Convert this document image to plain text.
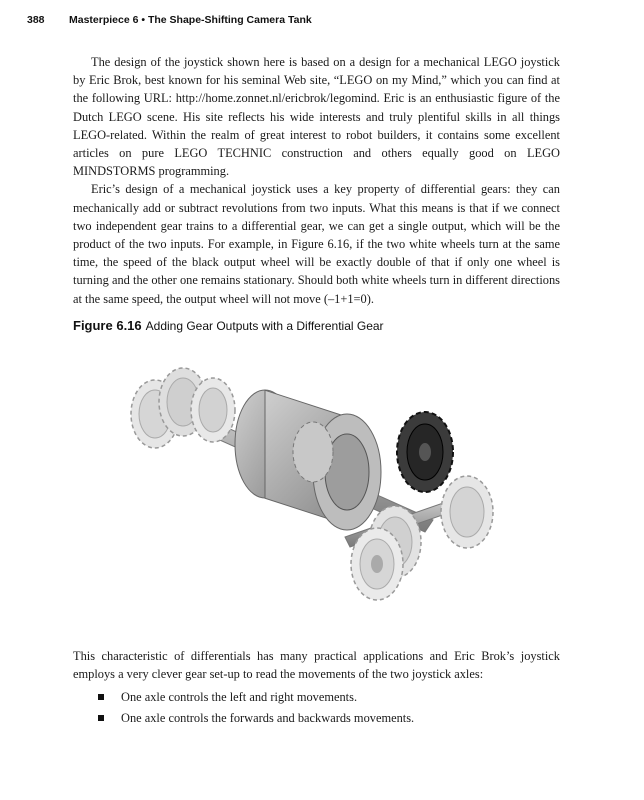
388 Masterpiece 6 • The Shape-Shifting Camera Tank

The design of the joystick shown here is based on a design for a mechanical LEGO joystick by Eric Brok, best known for his seminal Web site, “LEGO on my Mind,” which you can find at the following URL: http://home.zonnet.nl/ericbrok/legomind. Eric is an enthusiastic figure of the Dutch LEGO scene. His site reflects his wide interests and truly plentiful skills in all things LEGO-related. Within the realm of great interest to robot builders, it contains some excellent articles on pure LEGO TECHNIC construction and others equally good on LEGO MINDSTORMS programming.

Eric’s design of a mechanical joystick uses a key property of differential gears: they can mechanically add or subtract revolutions from two inputs. What this means is that if we connect two independent gear trains to a differential gear, we can get a single output, which will be the product of the two inputs. For example, in Figure 6.16, if the two white wheels turn at the same time, the speed of the black output wheel will be exactly double of that if only one wheel is turning and the other one remains stationary. Should both white wheels turn in different directions at the same speed, the output wheel will not move (–1+1=0).

Figure 6.16 Adding Gear Outputs with a Differential Gear

This characteristic of differentials has many practical applications and Eric Brok’s joystick employs a very clever gear set-up to read the movements of the two joystick axles:

One axle controls the left and right movements.
One axle controls the forwards and backwards movements.
